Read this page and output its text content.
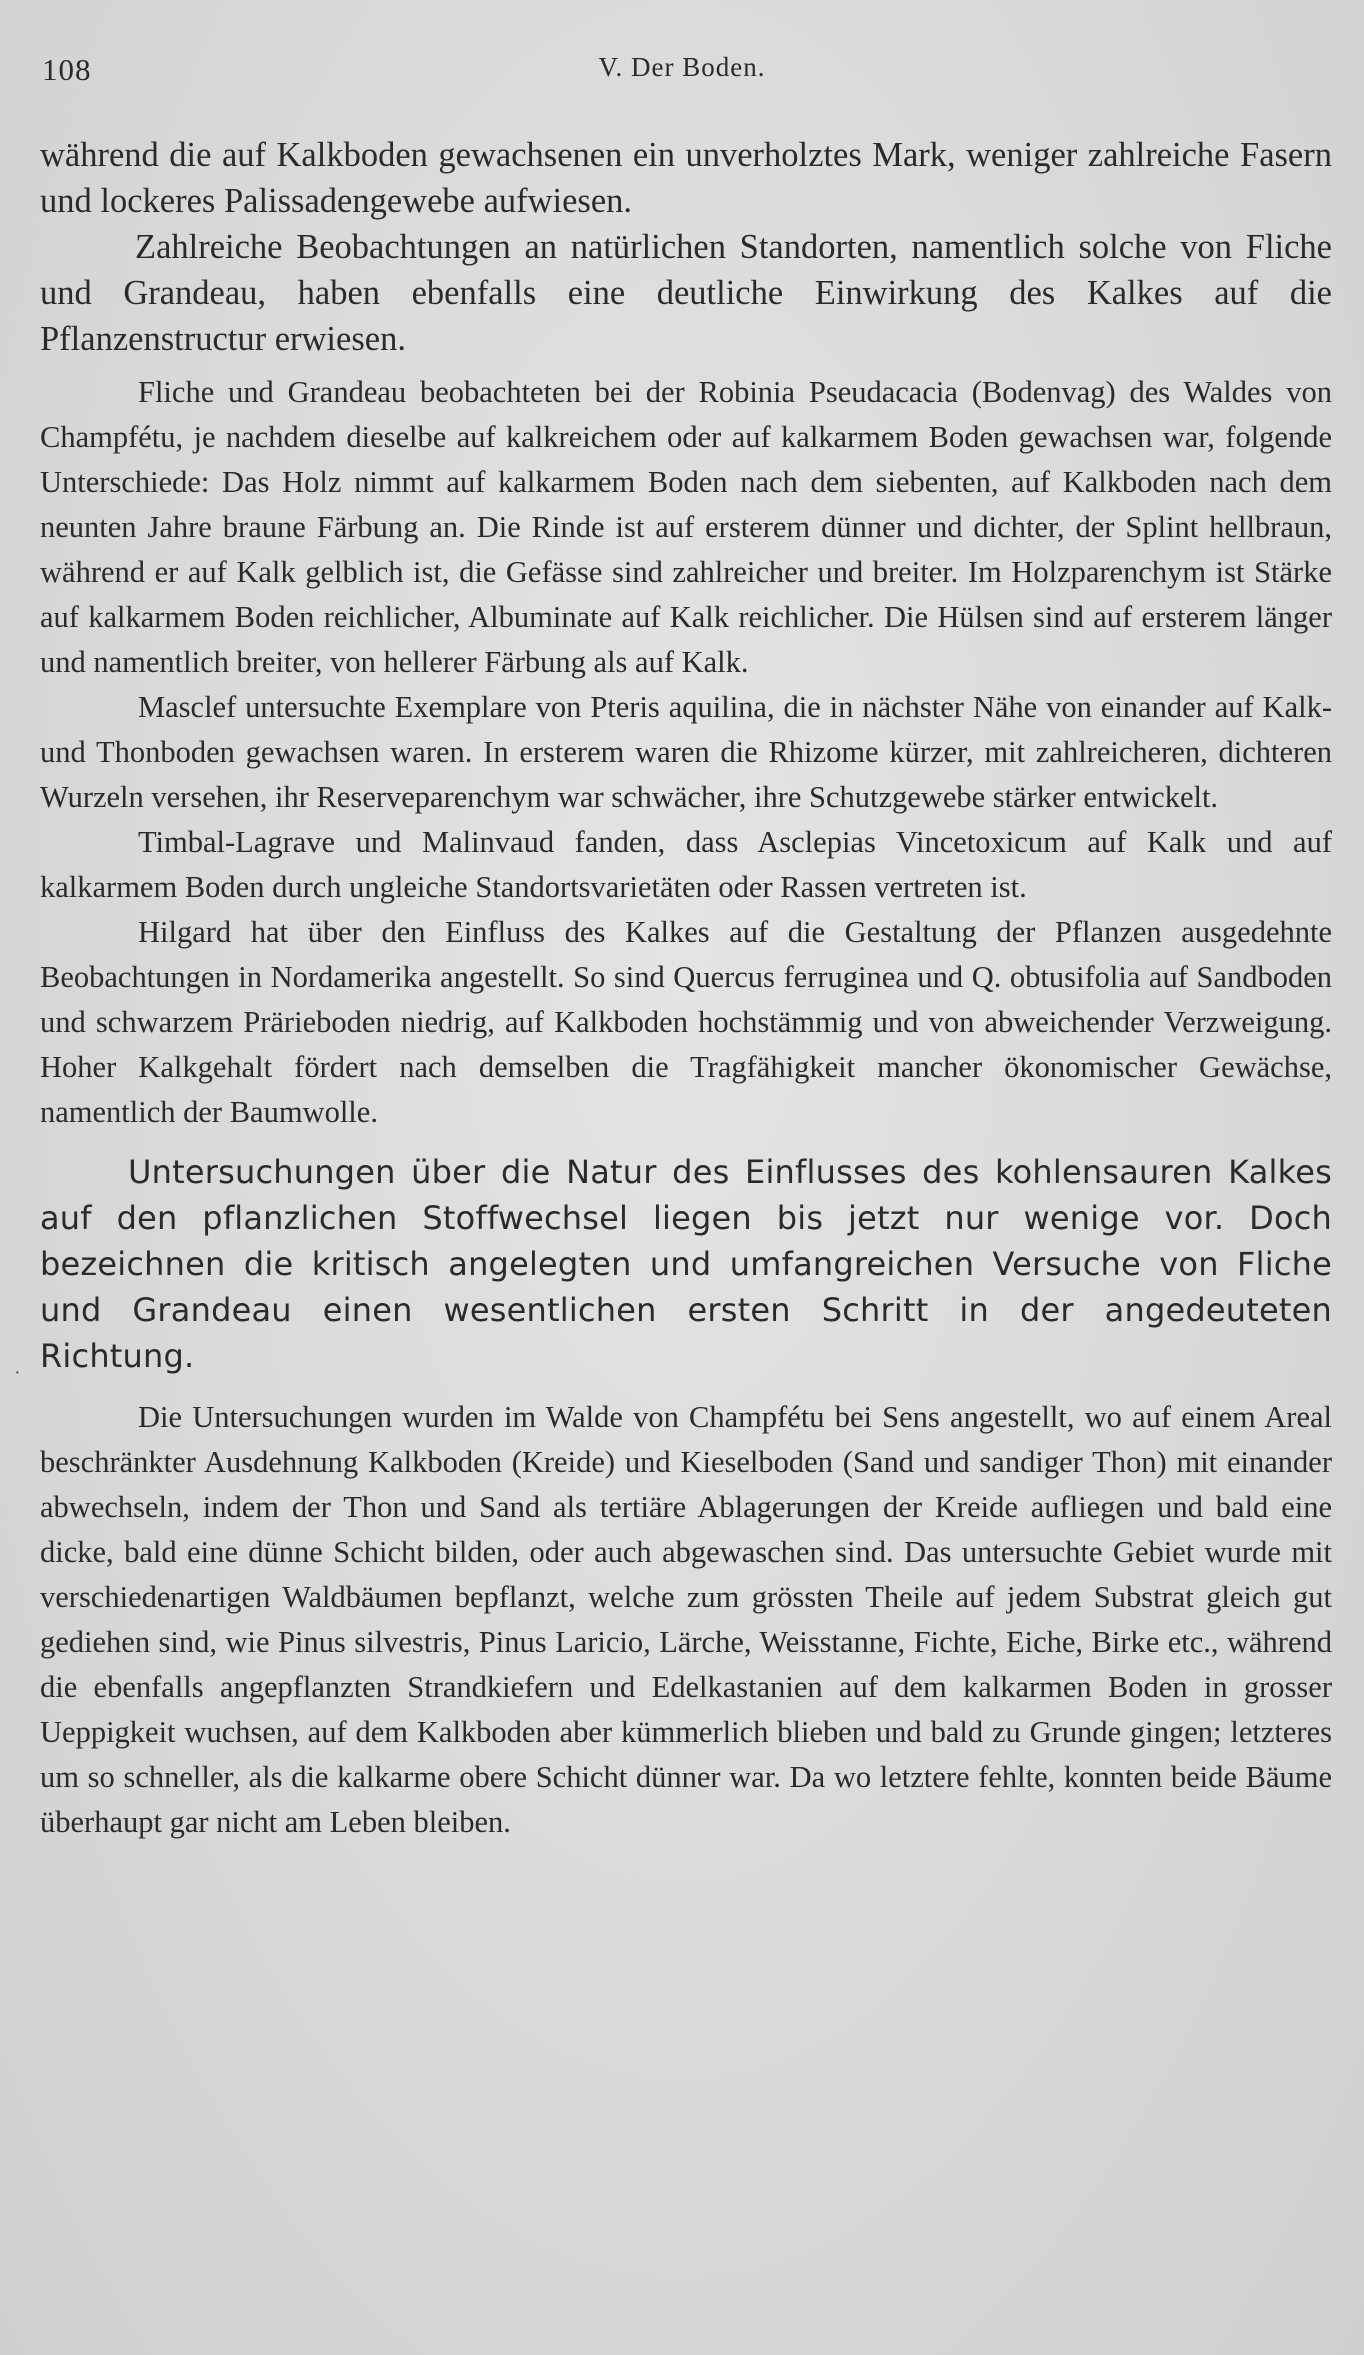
108	V. Der Boden.
·

während die auf Kalkboden gewachsenen ein unverholztes Mark, weniger zahlreiche Fasern und lockeres Palissadengewebe aufwiesen.

Zahlreiche Beobachtungen an natürlichen Standorten, namentlich solche von Fliche und Grandeau, haben ebenfalls eine deutliche Einwirkung des Kalkes auf die Pflanzenstructur erwiesen.

Fliche und Grandeau beobachteten bei der Robinia Pseudacacia (Bodenvag) des Waldes von Champfétu, je nachdem dieselbe auf kalkreichem oder auf kalkarmem Boden gewachsen war, folgende Unterschiede: Das Holz nimmt auf kalkarmem Boden nach dem siebenten, auf Kalkboden nach dem neunten Jahre braune Färbung an. Die Rinde ist auf ersterem dünner und dichter, der Splint hellbraun, während er auf Kalk gelblich ist, die Gefässe sind zahlreicher und breiter. Im Holzparenchym ist Stärke auf kalkarmem Boden reichlicher, Albuminate auf Kalk reichlicher. Die Hülsen sind auf ersterem länger und namentlich breiter, von hellerer Färbung als auf Kalk.

Masclef untersuchte Exemplare von Pteris aquilina, die in nächster Nähe von einander auf Kalk- und Thonboden gewachsen waren. In ersterem waren die Rhizome kürzer, mit zahlreicheren, dichteren Wurzeln versehen, ihr Reserveparenchym war schwächer, ihre Schutzgewebe stärker entwickelt.

Timbal-Lagrave und Malinvaud fanden, dass Asclepias Vincetoxicum auf Kalk und auf kalkarmem Boden durch ungleiche Standortsvarietäten oder Rassen vertreten ist.

Hilgard hat über den Einfluss des Kalkes auf die Gestaltung der Pflanzen ausgedehnte Beobachtungen in Nordamerika angestellt. So sind Quercus ferruginea und Q. obtusifolia auf Sandboden und schwarzem Prärieboden niedrig, auf Kalkboden hochstämmig und von abweichender Verzweigung. Hoher Kalkgehalt fördert nach demselben die Tragfähigkeit mancher ökonomischer Gewächse, namentlich der Baumwolle.

Untersuchungen über die Natur des Einflusses des kohlensauren Kalkes auf den pflanzlichen Stoffwechsel liegen bis jetzt nur wenige vor. Doch bezeichnen die kritisch angelegten und umfangreichen Versuche von Fliche und Grandeau einen wesentlichen ersten Schritt in der angedeuteten Richtung.

Die Untersuchungen wurden im Walde von Champfétu bei Sens angestellt, wo auf einem Areal beschränkter Ausdehnung Kalkboden (Kreide) und Kieselboden (Sand und sandiger Thon) mit einander abwechseln, indem der Thon und Sand als tertiäre Ablagerungen der Kreide aufliegen und bald eine dicke, bald eine dünne Schicht bilden, oder auch abgewaschen sind. Das untersuchte Gebiet wurde mit verschiedenartigen Waldbäumen bepflanzt, welche zum grössten Theile auf jedem Substrat gleich gut gediehen sind, wie Pinus silvestris, Pinus Laricio, Lärche, Weisstanne, Fichte, Eiche, Birke etc., während die ebenfalls angepflanzten Strandkiefern und Edelkastanien auf dem kalkarmen Boden in grosser Ueppigkeit wuchsen, auf dem Kalkboden aber kümmerlich blieben und bald zu Grunde gingen; letzteres um so schneller, als die kalkarme obere Schicht dünner war. Da wo letztere fehlte, konnten beide Bäume überhaupt gar nicht am Leben bleiben.
